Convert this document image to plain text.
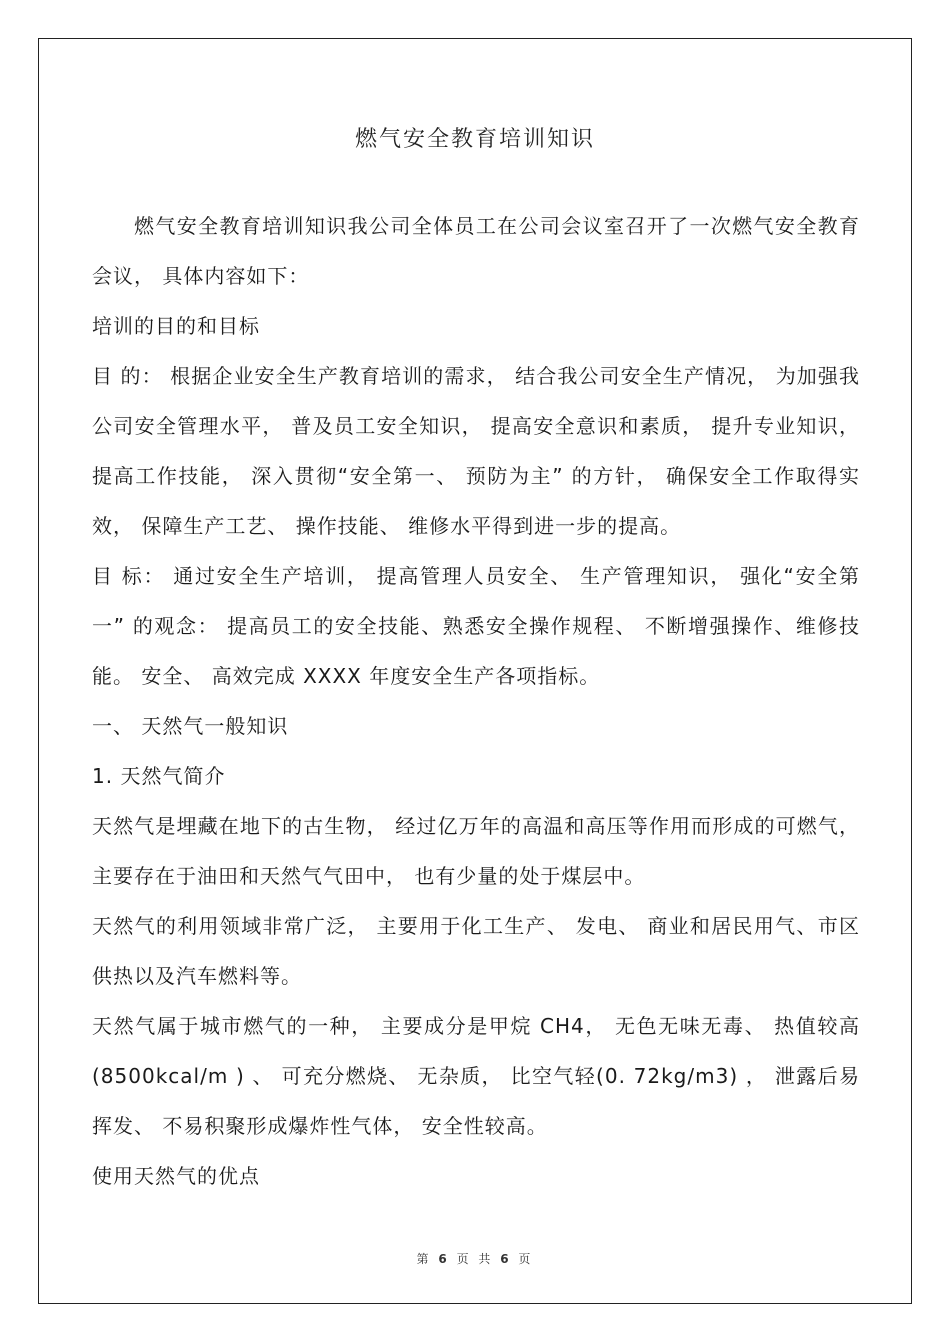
燃气安全教育培训知识

燃气安全教育培训知识我公司全体员工在公司会议室召开了一次燃气安全教育会议， 具体内容如下：

培训的目的和目标

目 的： 根据企业安全生产教育培训的需求， 结合我公司安全生产情况， 为加强我公司安全管理水平， 普及员工安全知识， 提高安全意识和素质， 提升专业知识， 提高工作技能， 深入贯彻“安全第一、 预防为主” 的方针， 确保安全工作取得实效， 保障生产工艺、 操作技能、 维修水平得到进一步的提高。

目 标： 通过安全生产培训， 提高管理人员安全、 生产管理知识， 强化“安全第一” 的观念： 提高员工的安全技能、熟悉安全操作规程、 不断增强操作、维修技能。 安全、 高效完成 XXXX 年度安全生产各项指标。

一、 天然气一般知识

1. 天然气简介

天然气是埋藏在地下的古生物， 经过亿万年的高温和高压等作用而形成的可燃气， 主要存在于油田和天然气气田中， 也有少量的处于煤层中。

天然气的利用领域非常广泛， 主要用于化工生产、 发电、 商业和居民用气、市区供热以及汽车燃料等。

天然气属于城市燃气的一种， 主要成分是甲烷 CH4， 无色无味无毒、 热值较高(8500kcal/m ) 、 可充分燃烧、 无杂质， 比空气轻(0. 72kg/m3) ， 泄露后易挥发、 不易积聚形成爆炸性气体， 安全性较高。

使用天然气的优点

第 6 页 共 6 页
